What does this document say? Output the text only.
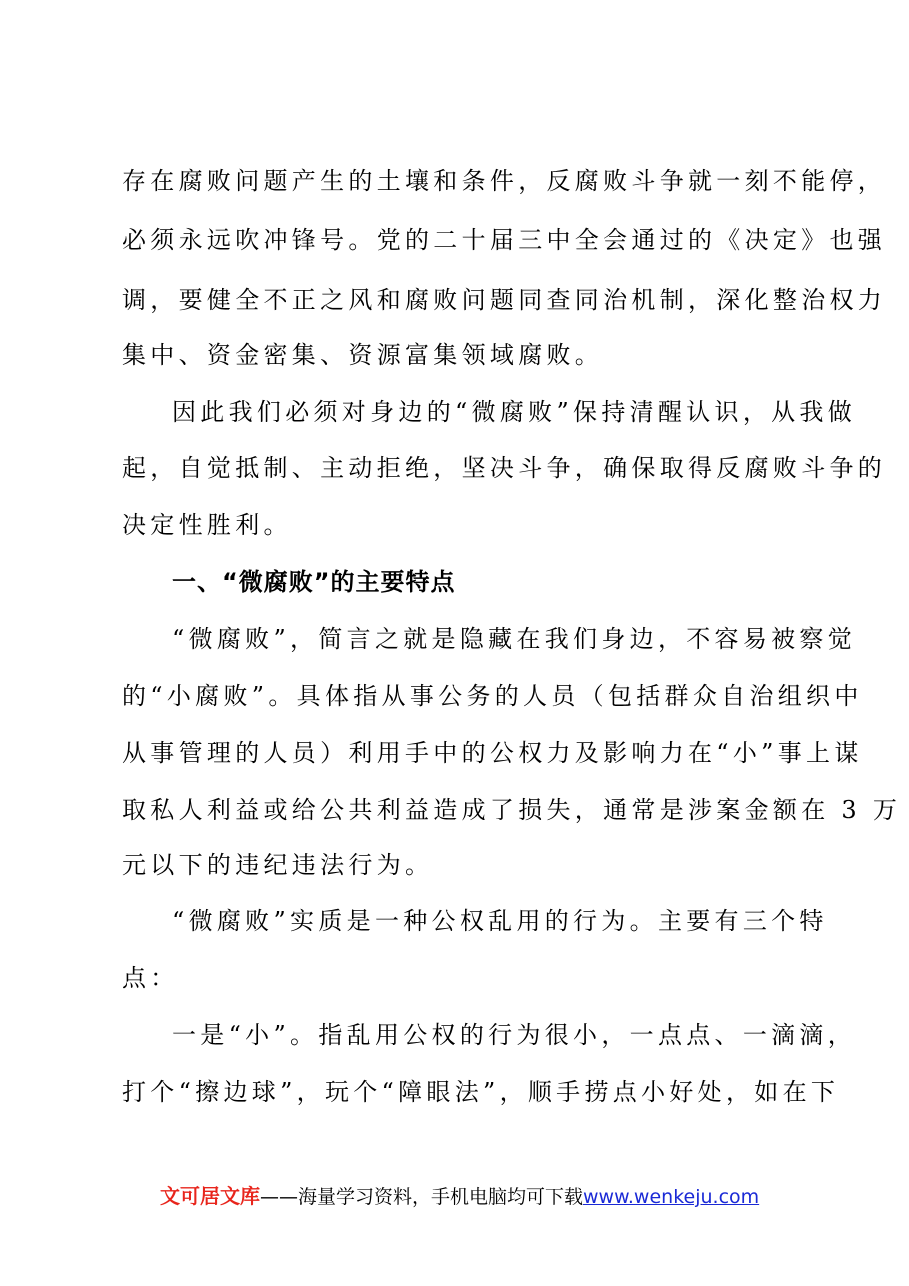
存在腐败问题产生的土壤和条件，反腐败斗争就一刻不能停，
必须永远吹冲锋号。党的二十届三中全会通过的《决定》也强
调，要健全不正之风和腐败问题同查同治机制，深化整治权力
集中、资金密集、资源富集领域腐败。
因此我们必须对身边的“微腐败”保持清醒认识，从我做
起，自觉抵制、主动拒绝，坚决斗争，确保取得反腐败斗争的
决定性胜利。
一、“微腐败”的主要特点
“微腐败”，简言之就是隐藏在我们身边，不容易被察觉
的“小腐败”。具体指从事公务的人员（包括群众自治组织中
从事管理的人员）利用手中的公权力及影响力在“小”事上谋
取私人利益或给公共利益造成了损失，通常是涉案金额在 3 万
元以下的违纪违法行为。
“微腐败”实质是一种公权乱用的行为。主要有三个特
点：
一是“小”。指乱用公权的行为很小，一点点、一滴滴，
打个“擦边球”，玩个“障眼法”，顺手捞点小好处，如在下
文可居文库——海量学习资料，手机电脑均可下载www.wenkeju.com
